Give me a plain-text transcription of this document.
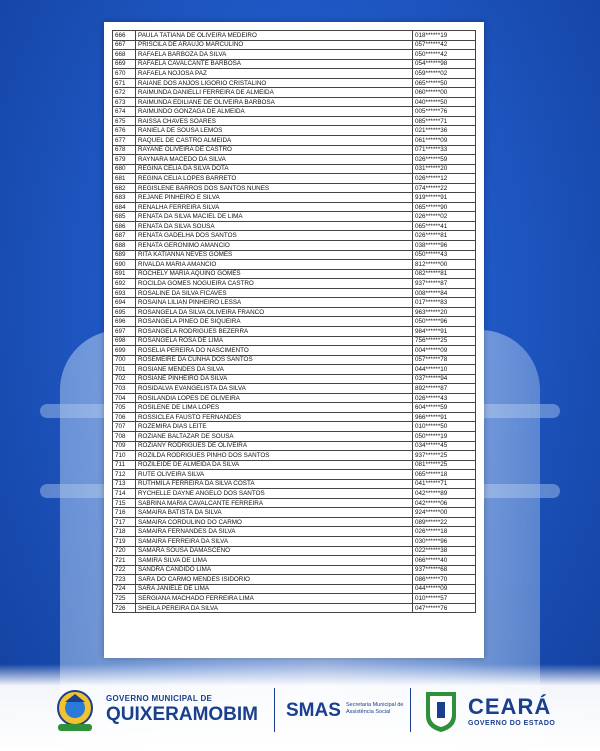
666	PAULA TATIANA DE OLIVEIRA MEDEIRO	018******19
667	PRISCILA DE ARAUJO MARCULINO	057******42
668	RAFAELA BARBOZA DA SILVA	050******42
669	RAFAELA CAVALCANTE BARBOSA	054******98
670	RAFAELA NOJOSA PAZ	059******02
671	RAIANE DOS ANJOS LIGORIO CRISTALINO	065******50
672	RAIMUNDA DANIELLI FERREIRA DE ALMEIDA	060******00
673	RAIMUNDA EDILIANE DE OLIVEIRA BARBOSA	040******50
674	RAIMUNDO GONZAGA DE ALMEIDA	005******76
675	RAISSA CHAVES SOARES	085******71
676	RANIELA DE SOUSA LEMOS	021******36
677	RAQUEL DE CASTRO ALMEIDA	061******09
678	RAYANE OLIVEIRA DE CASTRO	071******33
679	RAYNARA MACEDO DA SILVA	026******59
680	REGINA CELIA DA SILVA DOTA	031******20
681	REGINA CELIA LOPES BARRETO	026******12
682	REGISLENE BARROS DOS SANTOS NUNES	074******22
683	REJANE PINHEIRO E SILVA	919******91
684	RENALHA FERREIRA SILVA	065******90
685	RENATA DA SILVA MACIEL DE LIMA	026******02
686	RENATA DA SILVA SOUSA	065******41
687	RENATA GADELHA DOS SANTOS	026******81
688	RENATA GERONIMO AMANCIO	038******96
689	RITA KATIANNA NEVES GOMES	050******43
690	RIVALDA MARIA AMANCIO	812******00
691	ROCHELY MARIA AQUINO GOMES	082******81
692	ROCILDA GOMES NOGUEIRA CASTRO	937******87
693	ROSALINE DA SILVA FICAVES	008******84
694	ROSAINA LILIAN PINHEIRO LESSA	017******83
695	ROSANGELA DA SILVA OLIVEIRA FRANCO	963******20
696	ROSANGELA PINEO DE SIQUEIRA	050******96
697	ROSANGELA RODRIGUES BEZERRA	984******91
698	ROSANGELA ROSA DE LIMA	756******25
699	ROSELIA PEREIRA DO NASCIMENTO	004******09
700	ROSEMEIRE DA CUNHA DOS SANTOS	057******78
701	ROSIANE MENDES DA SILVA	044******10
702	ROSIANE PINHEIRO DA SILVA	037******94
703	ROSIDALVA EVANGELISTA DA SILVA	892******87
704	ROSILANDIA LOPES DE OLIVEIRA	026******43
705	ROSILENE DE LIMA LOPES	604******59
706	ROSSICLEA FAUSTO FERNANDES	966******91
707	ROZEMIRA DIAS LEITE	010******50
708	ROZIANE BALTAZAR DE SOUSA	050******19
709	ROZIANY RODRIGUES DE OLIVEIRA	034******45
710	ROZILDA RODRIGUES PINHO DOS SANTOS	937******25
711	ROZILEIDE DE ALMEIDA DA SILVA	081******25
712	RUTE OLIVEIRA SILVA	065******18
713	RUTHMILA FERREIRA DA SILVA COSTA	041******71
714	RYCHELLE DAYNE ANGELO DOS SANTOS	042******89
715	SABRINA MARIA CAVALCANTE FERREIRA	042******06
716	SAMAIRA BATISTA DA SILVA	924******00
717	SAMAIRA CORDULINO DO CARMO	089******22
718	SAMAIRA FERNANDES DA SILVA	026******18
719	SAMAIRA FERREIRA DA SILVA	030******96
720	SAMARA SOUSA DAMASCENO	022******38
721	SAMIRA SILVA DE LIMA	066******40
722	SANDRA CANDIDO LIMA	937******68
723	SARA DO CARMO MENDES ISIDORIO	086******70
724	SARA JANIELE DE LIMA	044******09
725	SERGIANA MACHADO FERREIRA LIMA	010******57
726	SHEILA PEREIRA DA SILVA	047******76
GOVERNO MUNICIPAL DE
QUIXERAMOBIM SMAS Secretaria Municipal de Assistência Social	CEARÁ
GOVERNO DO ESTADO
